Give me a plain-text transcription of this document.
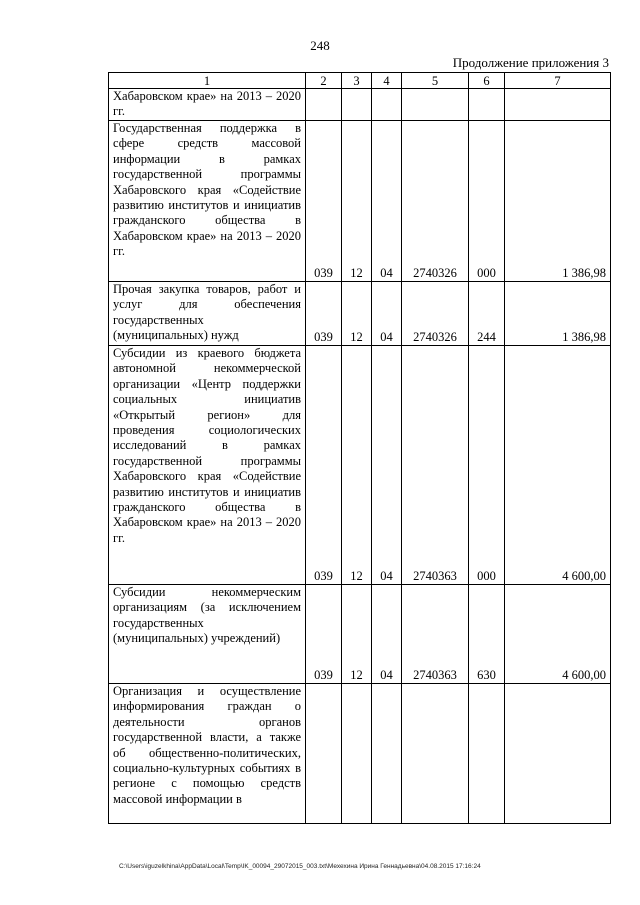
248
Продолжение приложения 3
1	2	3	4	5	6	7
Хабаровском крае» на 2013 – 2020 гг.						
Государственная поддержка в сфере средств массовой информации в рамках государственной программы Хабаровского края «Содействие развитию институтов и инициатив гражданского общества в Хабаровском крае» на 2013 – 2020 гг.	039	12	04	2740326	000	1 386,98
Прочая закупка товаров, работ и услуг для обеспечения государственных (муниципальных) нужд	039	12	04	2740326	244	1 386,98
Субсидии из краевого бюджета автономной некоммерческой организации «Центр поддержки социальных инициатив «Открытый регион» для проведения социологических исследований в рамках государственной программы Хабаровского края «Содействие развитию институтов и инициатив гражданского общества в Хабаровском крае» на 2013 – 2020 гг.	039	12	04	2740363	000	4 600,00
Субсидии некоммерческим организациям (за исключением государственных (муниципальных) учреждений)	039	12	04	2740363	630	4 600,00
Организация и осуществление информирования граждан о деятельности органов государственной власти, а также об общественно-политических, социально-культурных событиях в регионе с помощью средств массовой информации в						
C:\Users\iguzelkhina\AppData\Local\Temp\IK_00094_29072015_003.txt\Мехехина Ирина Геннадьевна\04.08.2015 17:16:24
